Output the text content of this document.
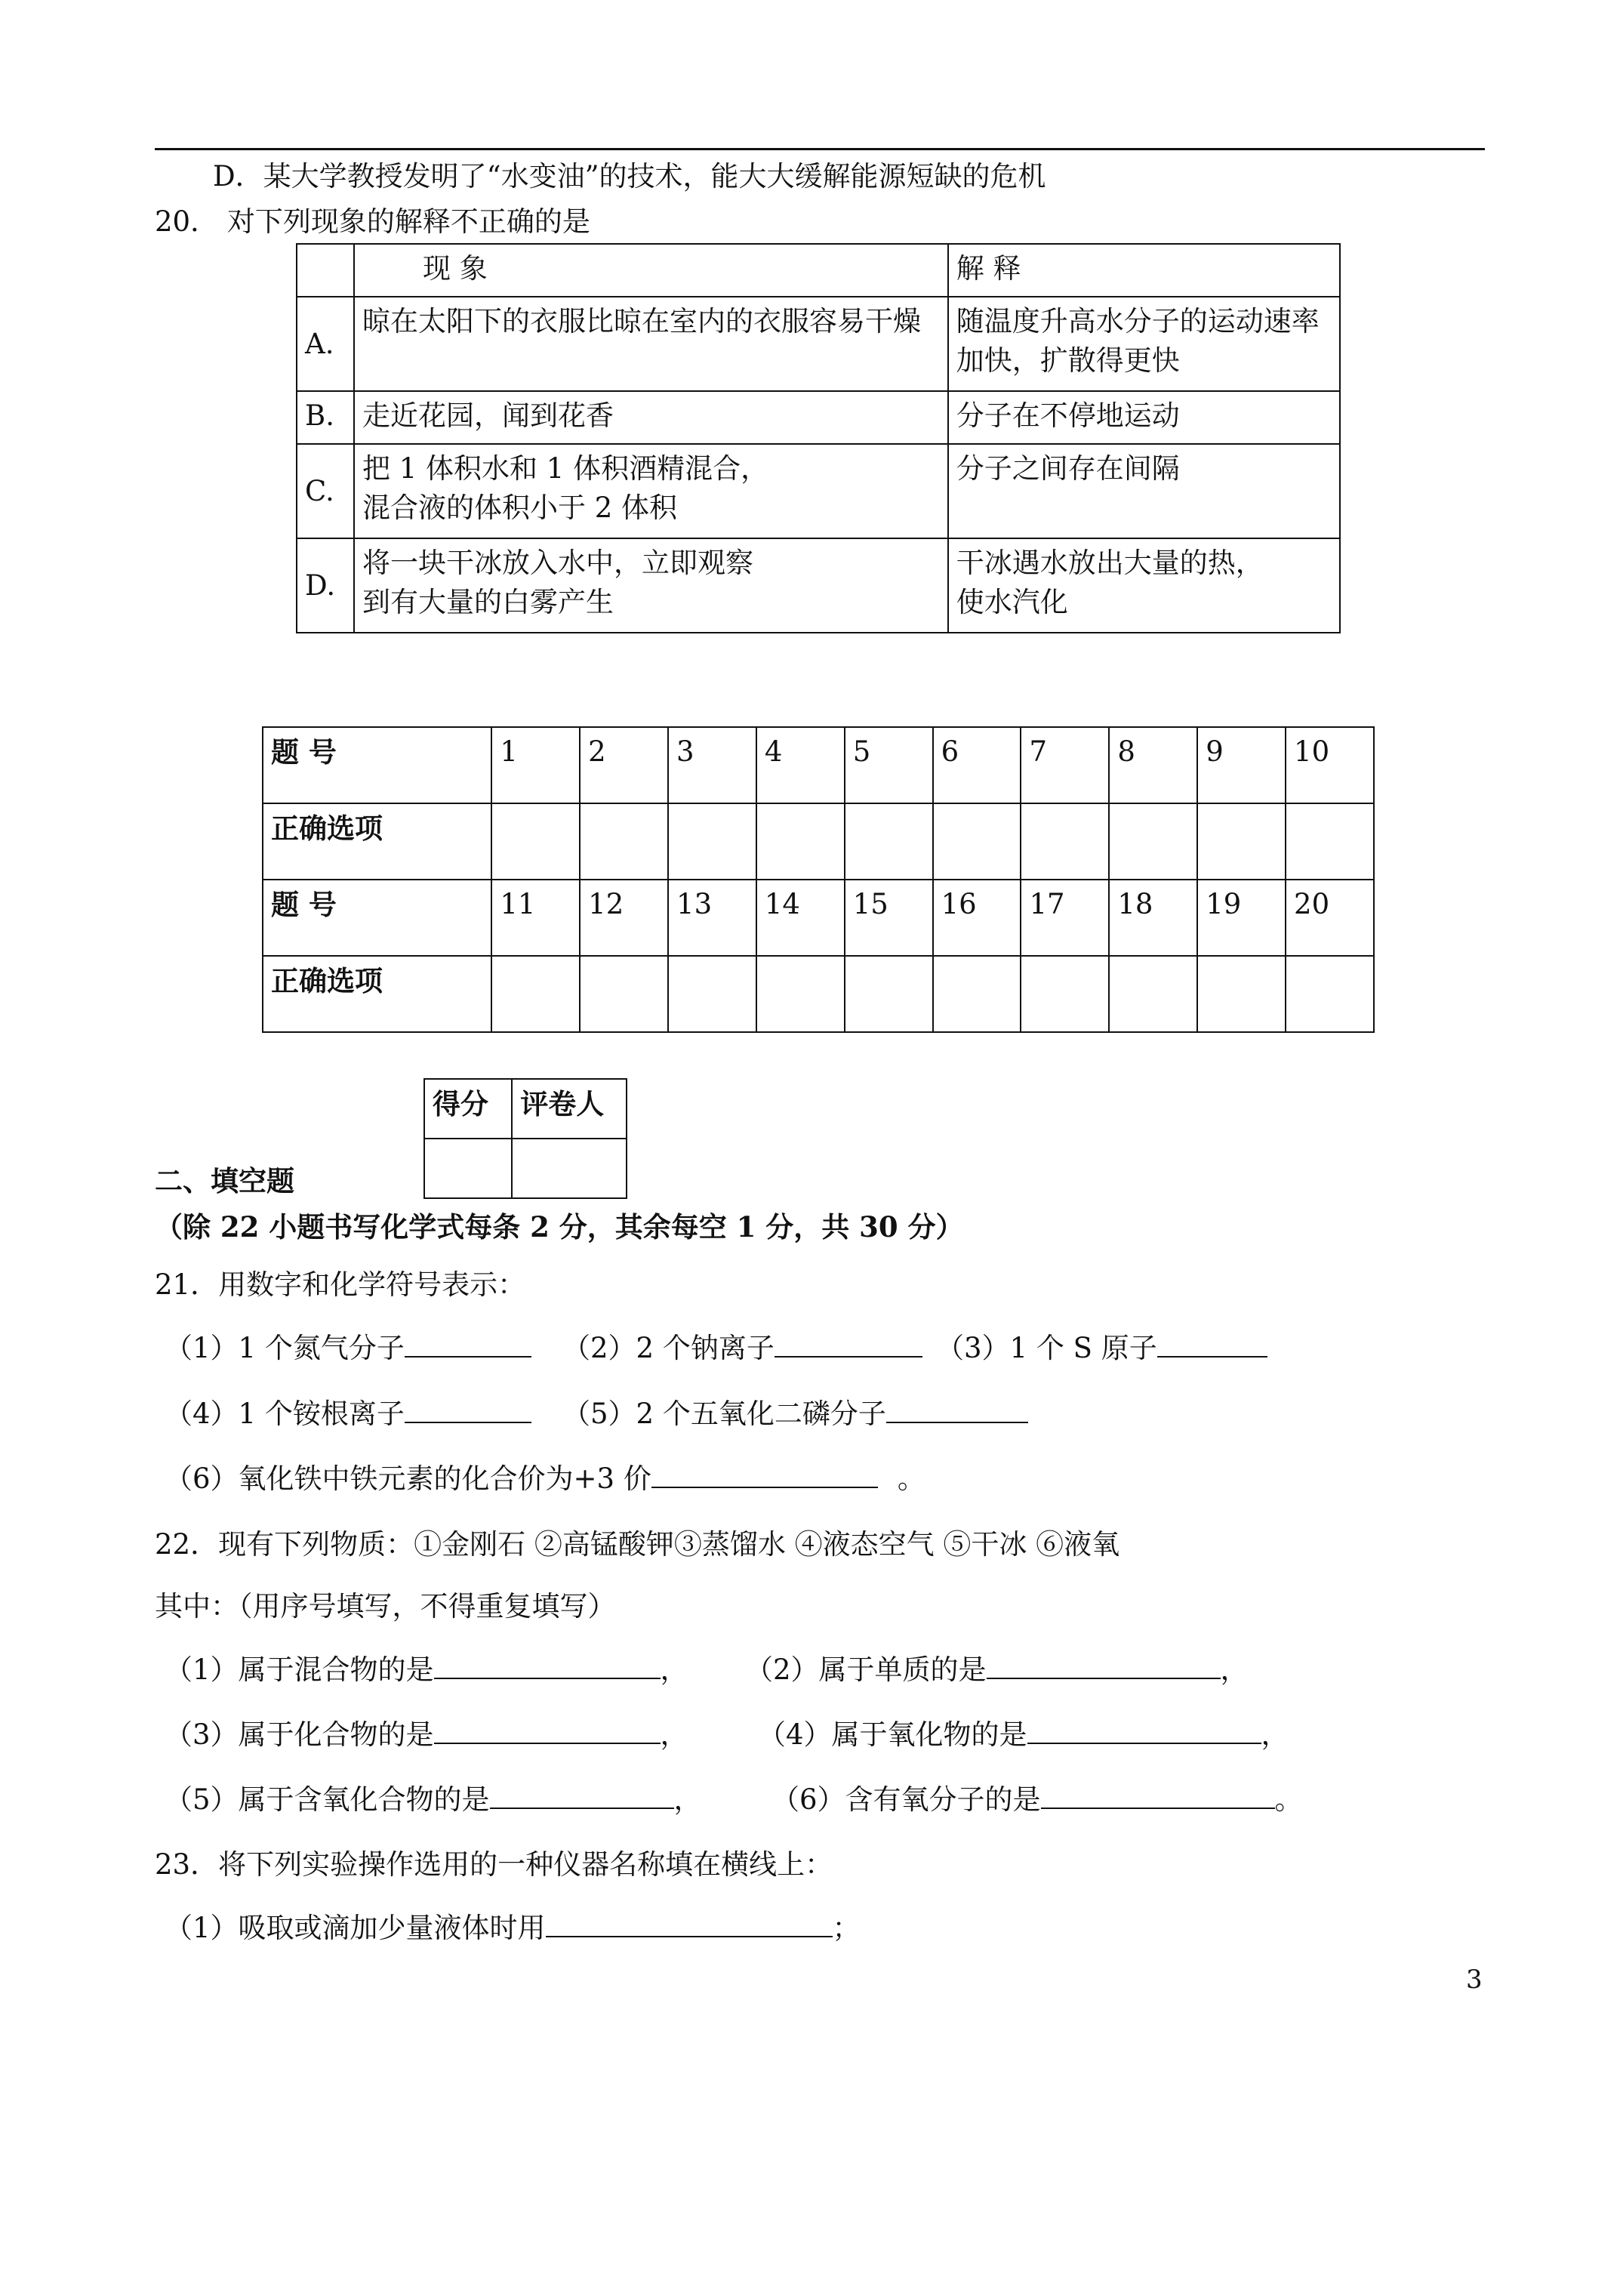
D．某大学教授发明了“水变油”的技术，能大大缓解能源短缺的危机
20． 对下列现象的解释不正确的是
	现 象	解 释
A.	晾在太阳下的衣服比晾在室内的衣服容易干燥	随温度升高水分子的运动速率加快，扩散得更快
B.	走近花园，闻到花香	分子在不停地运动
C.	把 1 体积水和 1 体积酒精混合，
混合液的体积小于 2 体积	分子之间存在间隔
D.	将一块干冰放入水中，立即观察
到有大量的白雾产生	干冰遇水放出大量的热，
使水汽化
题 号	1	2	3	4	5	6	7	8	9	10
正确选项										
题 号	11	12	13	14	15	16	17	18	19	20
正确选项										
得分	评卷人

二、填空题
（除 22 小题书写化学式每条 2 分，其余每空 1 分，共 30 分）
21．用数字和化学符号表示：
（1）1 个氮气分子	（2）2 个钠离子	（3）1 个 S 原子
（4）1 个铵根离子	（5）2 个五氧化二磷分子
（6）氧化铁中铁元素的化合价为+3 价	。
22．现有下列物质：①金刚石 ②高锰酸钾③蒸馏水 ④液态空气 ⑤干冰 ⑥液氧
其中：（用序号填写，不得重复填写）
（1）属于混合物的是	， （2）属于单质的是	，
（3）属于化合物的是	， （4）属于氧化物的是	，
（5）属于含氧化合物的是	， （6）含有氧分子的是	。
23．将下列实验操作选用的一种仪器名称填在横线上：
（1）吸取或滴加少量液体时用	；
3
